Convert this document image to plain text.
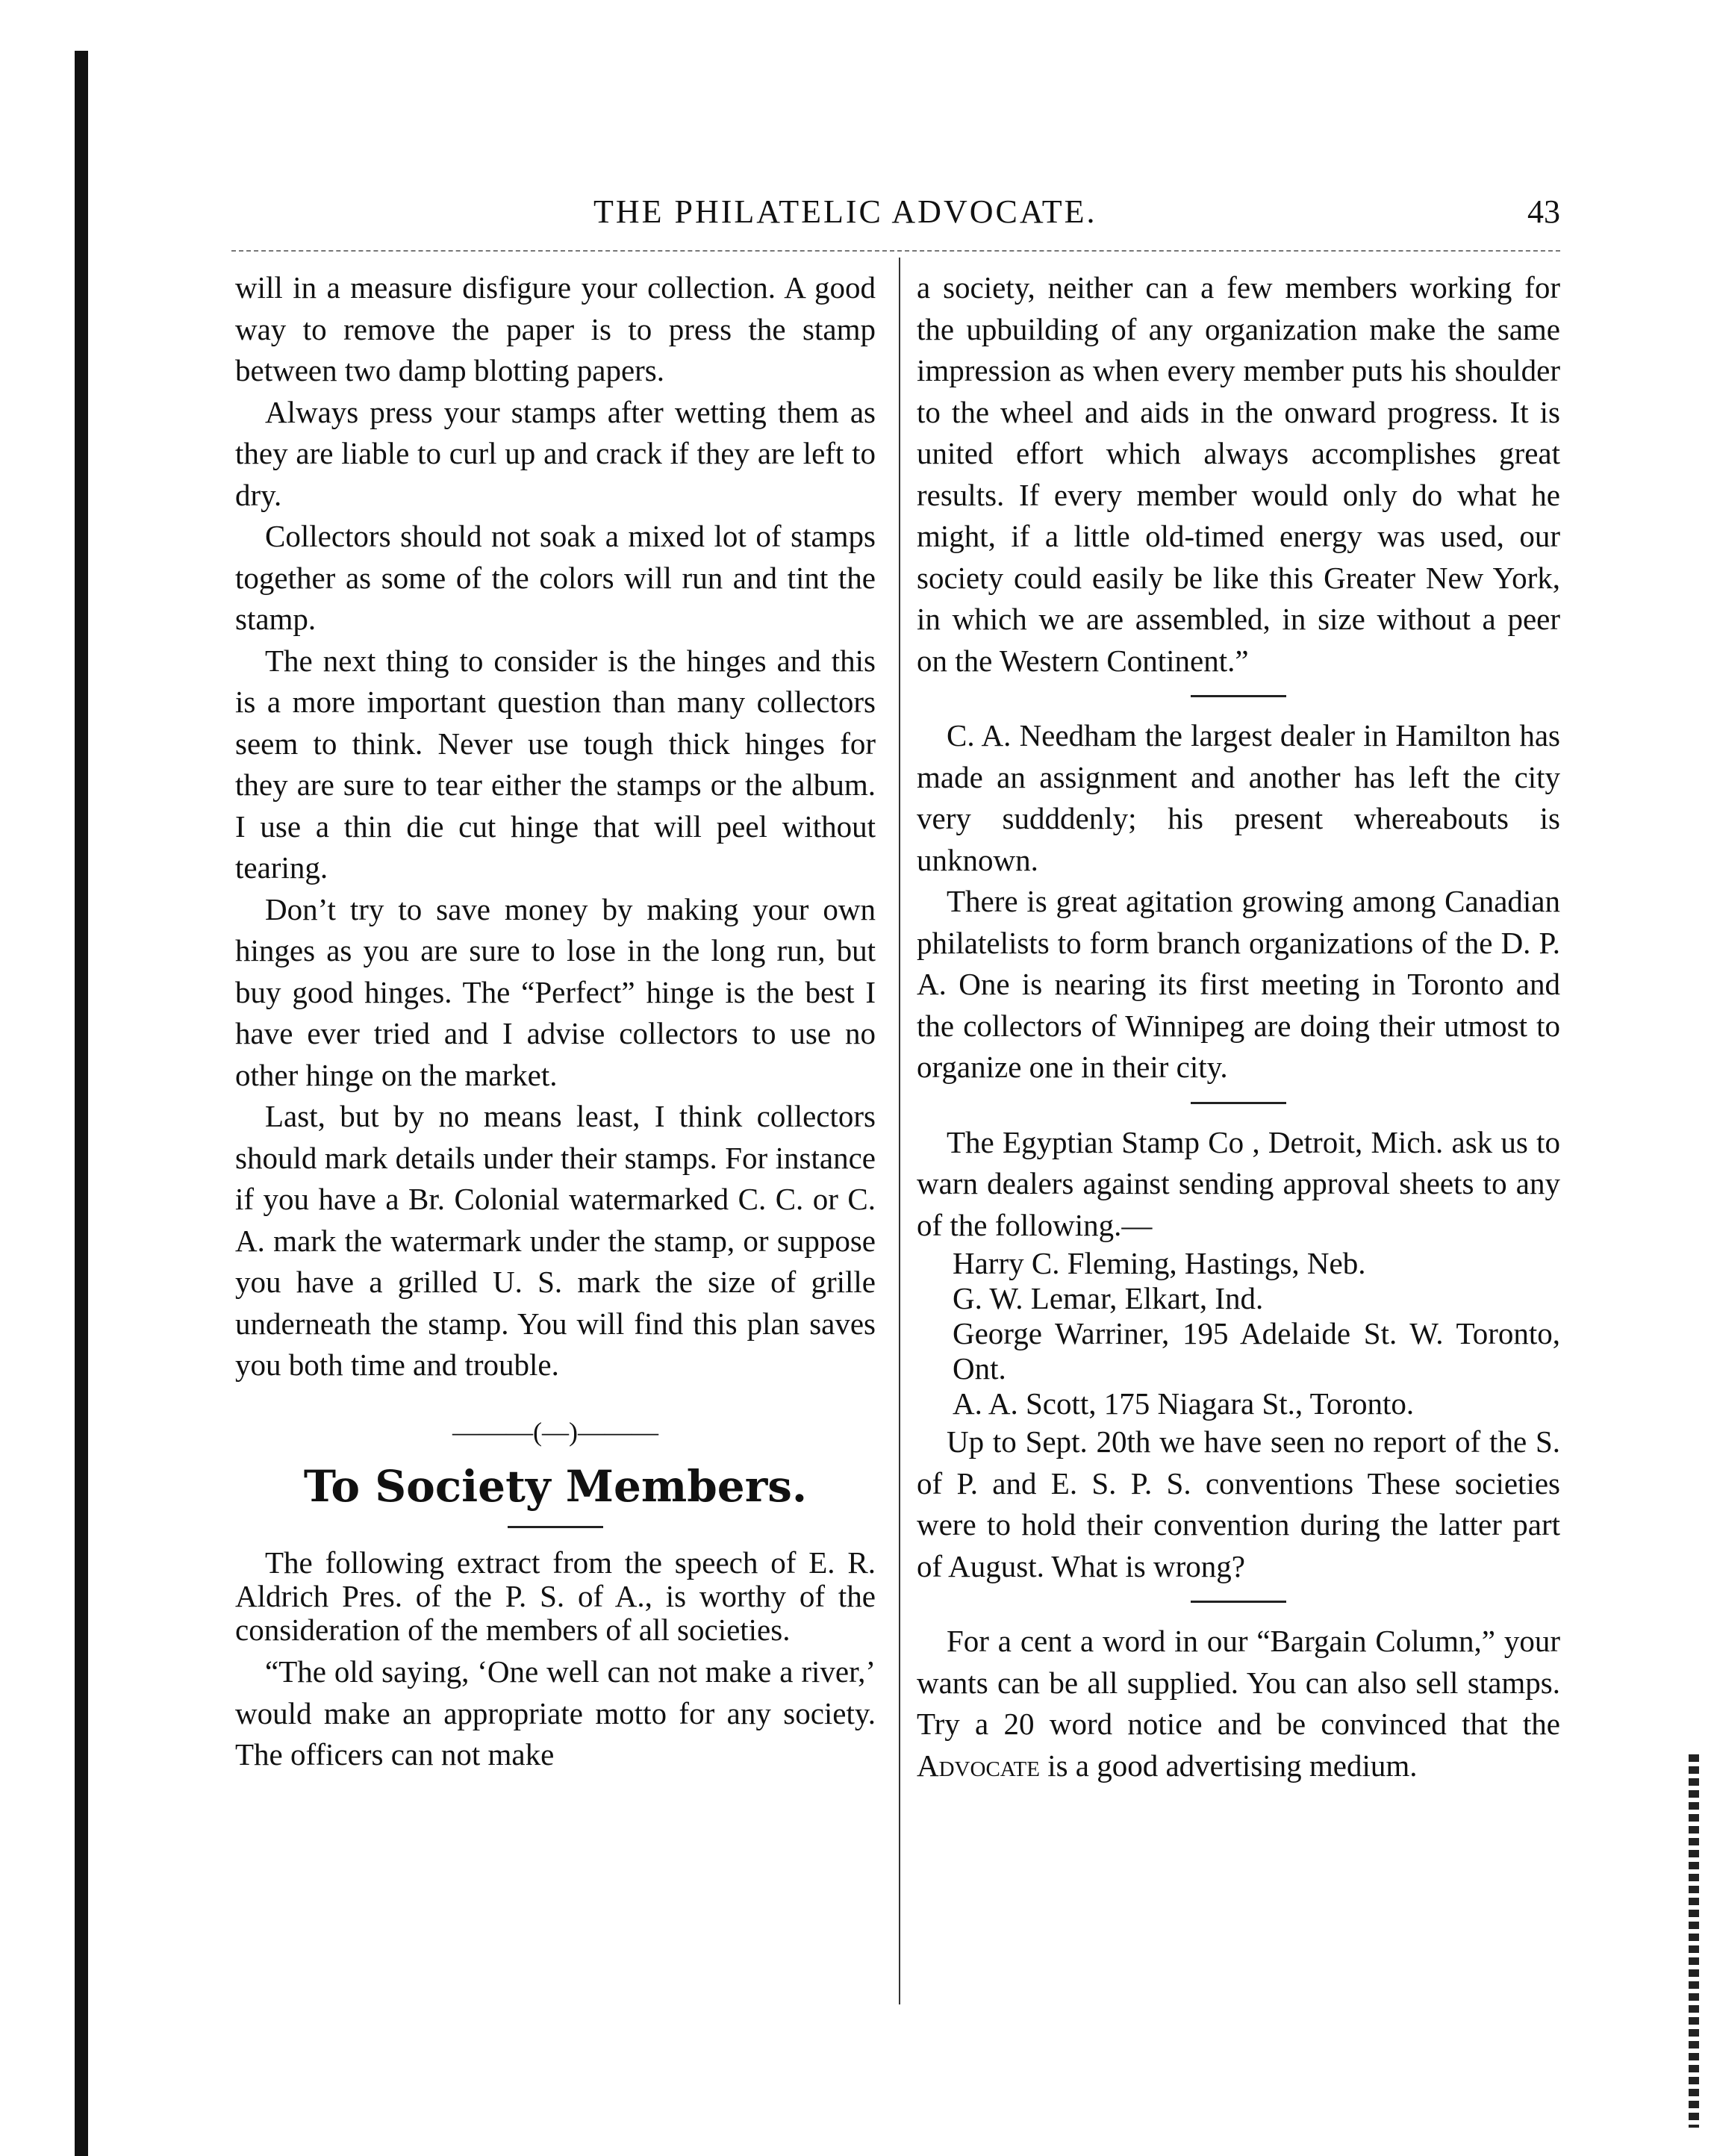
THE PHILATELIC ADVOCATE.	43

will in a measure disfigure your collection. A good way to remove the paper is to press the stamp between two damp blotting papers.

Always press your stamps after wetting them as they are liable to curl up and crack if they are left to dry.

Collectors should not soak a mixed lot of stamps together as some of the colors will run and tint the stamp.

The next thing to consider is the hinges and this is a more important question than many collectors seem to think. Never use tough thick hinges for they are sure to tear either the stamps or the album. I use a thin die cut hinge that will peel without tearing.

Don’t try to save money by making your own hinges as you are sure to lose in the long run, but buy good hinges. The “Perfect” hinge is the best I have ever tried and I advise collectors to use no other hinge on the market.

Last, but by no means least, I think collectors should mark details under their stamps. For instance if you have a Br. Colonial watermarked C. C. or C. A. mark the watermark under the stamp, or suppose you have a grilled U. S. mark the size of grille underneath the stamp. You will find this plan saves you both time and trouble.

———(—)———
To Society Members.

The following extract from the speech of E. R. Aldrich Pres. of the P. S. of A., is worthy of the consideration of the members of all societies.

“The old saying, ‘One well can not make a river,’ would make an appropriate motto for any society. The officers can not make

a society, neither can a few members working for the upbuilding of any organization make the same impression as when every member puts his shoulder to the wheel and aids in the onward progress. It is united effort which always accomplishes great results. If every member would only do what he might, if a little old-timed energy was used, our society could easily be like this Greater New York, in which we are assembled, in size without a peer on the Western Continent.”

C. A. Needham the largest dealer in Hamilton has made an assignment and another has left the city very sudddenly; his present whereabouts is unknown.

There is great agitation growing among Canadian philatelists to form branch organizations of the D. P. A. One is nearing its first meeting in Toronto and the collectors of Winnipeg are doing their utmost to organize one in their city.

The Egyptian Stamp Co , Detroit, Mich. ask us to warn dealers against sending approval sheets to any of the following.—

Harry C. Fleming, Hastings, Neb.

G. W. Lemar, Elkart, Ind.

George Warriner, 195 Adelaide St. W. Toronto, Ont.

A. A. Scott, 175 Niagara St., Toronto.

Up to Sept. 20th we have seen no report of the S. of P. and E. S. P. S. conventions These societies were to hold their convention during the latter part of August. What is wrong?

For a cent a word in our “Bargain Column,” your wants can be all supplied. You can also sell stamps. Try a 20 word notice and be convinced that the Advocate is a good advertising medium.
